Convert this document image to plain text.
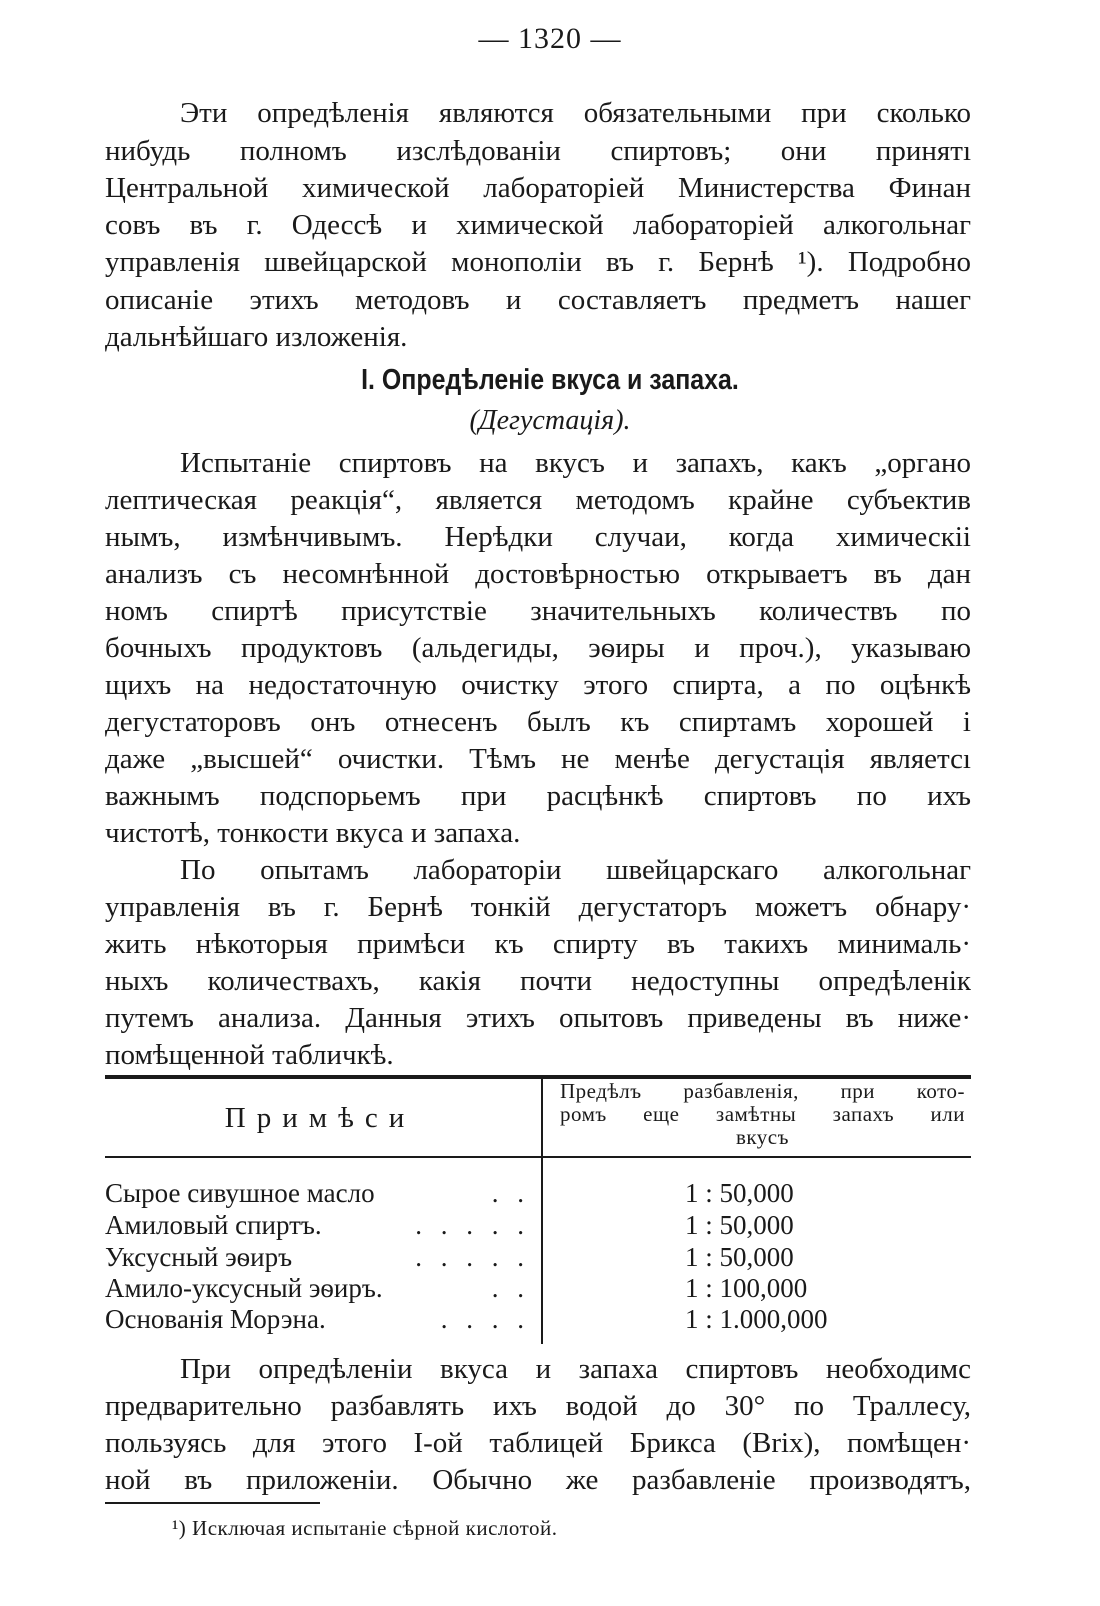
— 1320 —
Эти опредѣленія являются обязательными при сколько
нибудь полномъ изслѣдованіи спиртовъ; они принятı
Центральной химической лабораторіей Министерства Финан
совъ въ г. Одессѣ и химической лабораторіей алкогольнаг
управленія швейцарской монополіи въ г. Бернѣ ¹). Подробно
описаніе этихъ методовъ и составляетъ предметъ нашег
дальнѣйшаго изложенія.
I. Опредѣленіе вкуса и запаха.
(Дегустація).
Испытаніе спиртовъ на вкусъ и запахъ, какъ „органо
лептическая реакція“, является методомъ крайне субъектив
нымъ, измѣнчивымъ. Нерѣдки случаи, когда химическіі
анализъ съ несомнѣнной достовѣрностью открываетъ въ дан
номъ спиртѣ присутствіе значительныхъ количествъ по
бочныхъ продуктовъ (альдегиды, эѳиры и проч.), указываю
щихъ на недостаточную очистку этого спирта, а по оцѣнкѣ
дегустаторовъ онъ отнесенъ былъ къ спиртамъ хорошей і
даже „высшей“ очистки. Тѣмъ не менѣе дегустація являетсı
важнымъ подспорьемъ при расцѣнкѣ спиртовъ по ихъ
чистотѣ, тонкости вкуса и запаха.
По опытамъ лабораторіи швейцарскаго алкогольнаг
управленія въ г. Бернѣ тонкій дегустаторъ можетъ обнару·
жить нѣкоторыя примѣси къ спирту въ такихъ минималь·
ныхъ количествахъ, какія почти недоступны опредѣленік
путемъ анализа. Данныя этихъ опытовъ приведены въ ниже·
помѣщенной табличкѣ.
Примѣси
Предѣлъ разбавленія, при кото-
ромъ еще замѣтны запахъ или
вкусъ
Сырое сивушное масло	. .	1 : 50,000
Амиловый спиртъ.	. . . . .	1 : 50,000
Уксусный эѳиръ	. . . . .	1 : 50,000
Амило-уксусный эѳиръ.	. .	1 : 100,000
Основанія Морэна.	. . . .	1 : 1.000,000
При опредѣленіи вкуса и запаха спиртовъ необходимс
предварительно разбавлять ихъ водой до 30° по Траллесу,
пользуясь для этого I-ой таблицей Брикса (Brix), помѣщен·
ной въ приложеніи. Обычно же разбавленіе производятъ,
¹) Исключая испытаніе сѣрной кислотой.
